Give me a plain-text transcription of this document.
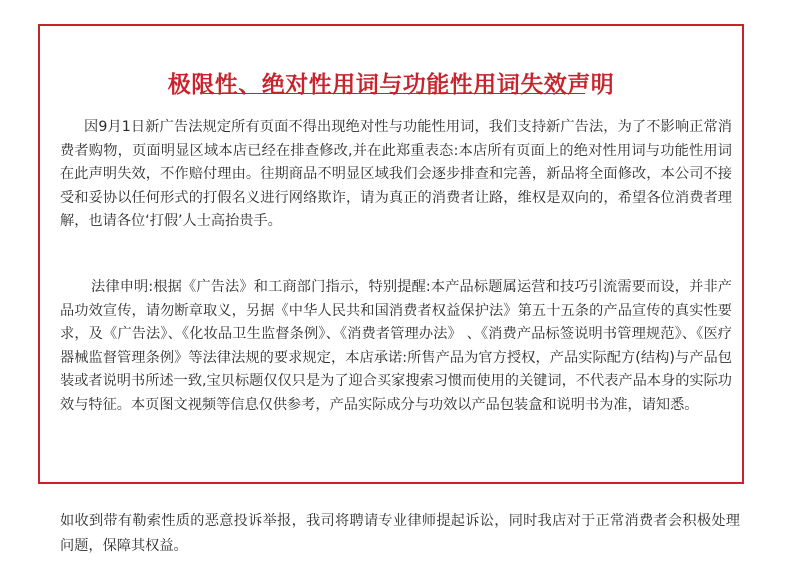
极限性、绝对性用词与功能性用词失效声明

因9月1日新广告法规定所有页面不得出现绝对性与功能性用词，我们支持新广告法，为了不影响正常消费者购物，页面明显区域本店已经在排查修改,并在此郑重表态:本店所有页面上的绝对性用词与功能性用词在此声明失效，不作赔付理由。往期商品不明显区域我们会逐步排查和完善，新品将全面修改，本公司不接受和妥协以任何形式的打假名义进行网络欺诈，请为真正的消费者让路，维权是双向的，希望各位消费者理解，也请各位‘打假’人士高抬贵手。

法律申明:根据《广告法》和工商部门指示，特别提醒:本产品标题属运营和技巧引流需要而设，并非产品功效宣传，请勿断章取义，另据《中华人民共和国消费者权益保护法》第五十五条的产品宣传的真实性要求，及《广告法》、《化妆品卫生监督条例》、《消费者管理办法》 、《消费产品标签说明书管理规范》、《医疗器械监督管理条例》等法律法规的要求规定，本店承诺:所售产品为官方授权，产品实际配方(结构)与产品包装或者说明书所述一致,宝贝标题仅仅只是为了迎合买家搜索习惯而使用的关键词，不代表产品本身的实际功效与特征。本页图文视频等信息仅供参考，产品实际成分与功效以产品包装盒和说明书为准，请知悉。

如收到带有勒索性质的恶意投诉举报，我司将聘请专业律师提起诉讼，同时我店对于正常消费者会积极处理问题，保障其权益。
